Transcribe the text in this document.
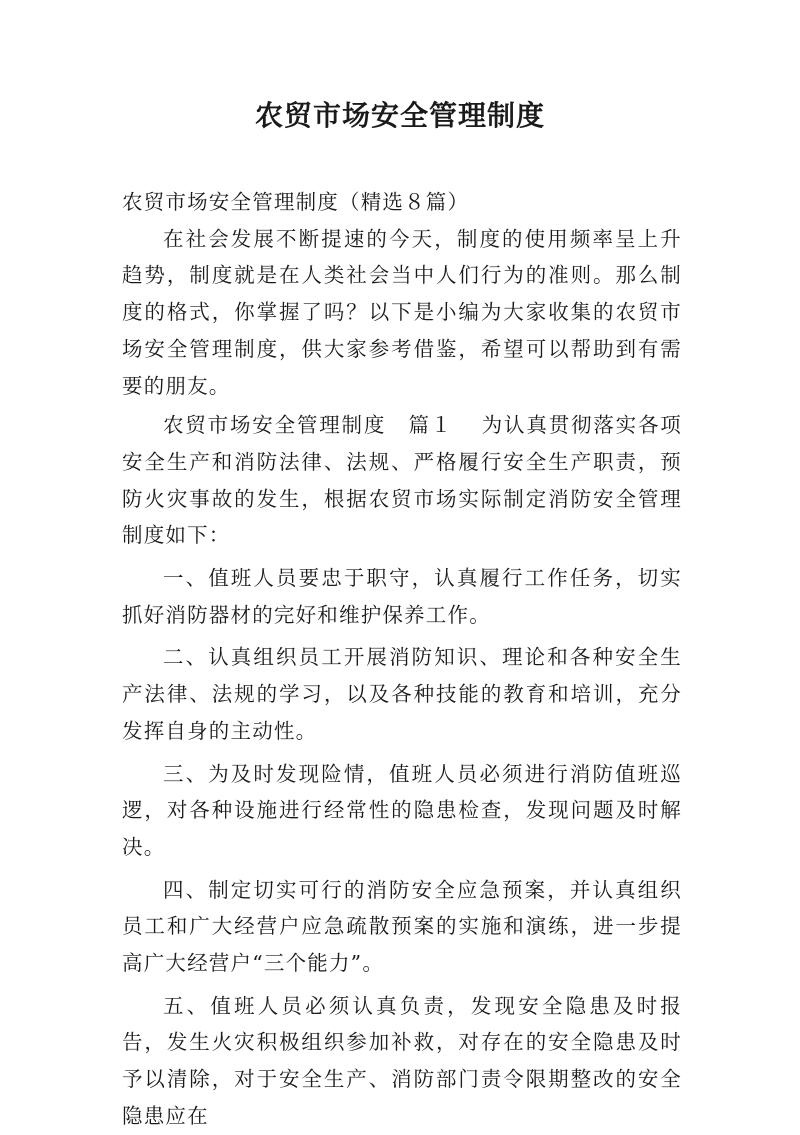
农贸市场安全管理制度

农贸市场安全管理制度（精选８篇）

在社会发展不断提速的今天，制度的使用频率呈上升趋势，制度就是在人类社会当中人们行为的准则。那么制度的格式，你掌握了吗？以下是小编为大家收集的农贸市场安全管理制度，供大家参考借鉴，希望可以帮助到有需要的朋友。

农贸市场安全管理制度　篇１ 为认真贯彻落实各项安全生产和消防法律、法规、严格履行安全生产职责，预防火灾事故的发生，根据农贸市场实际制定消防安全管理制度如下：

一、值班人员要忠于职守，认真履行工作任务，切实抓好消防器材的完好和维护保养工作。

二、认真组织员工开展消防知识、理论和各种安全生产法律、法规的学习，以及各种技能的教育和培训，充分发挥自身的主动性。

三、为及时发现险情，值班人员必须进行消防值班巡逻，对各种设施进行经常性的隐患检查，发现问题及时解决。

四、制定切实可行的消防安全应急预案，并认真组织员工和广大经营户应急疏散预案的实施和演练，进一步提高广大经营户“三个能力”。

五、值班人员必须认真负责，发现安全隐患及时报告，发生火灾积极组织参加补救，对存在的安全隐患及时予以清除，对于安全生产、消防部门责令限期整改的安全隐患应在
